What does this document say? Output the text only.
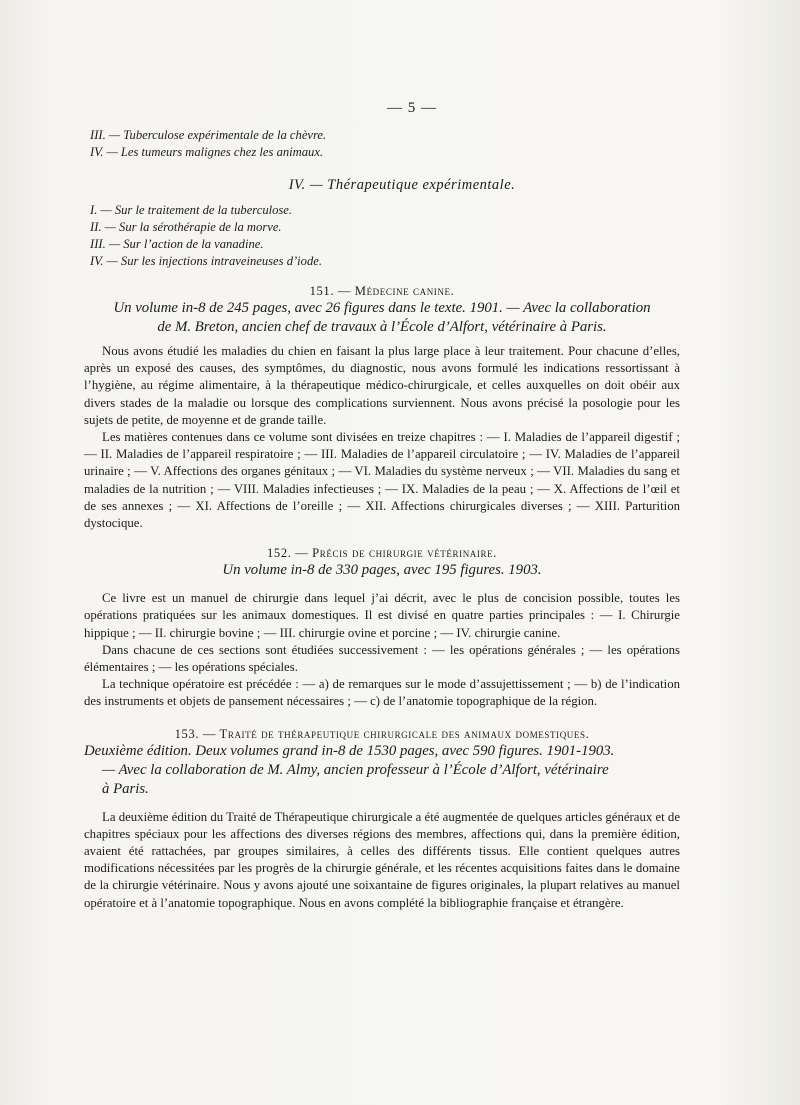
— 5 —
III. — Tuberculose expérimentale de la chèvre.
IV. — Les tumeurs malignes chez les animaux.
IV. — Thérapeutique expérimentale.
I. — Sur le traitement de la tuberculose.
II. — Sur la sérothérapie de la morve.
III. — Sur l’action de la vanadine.
IV. — Sur les injections intraveineuses d’iode.
151. — Médecine canine.
Un volume in-8 de 245 pages, avec 26 figures dans le texte. 1901. — Avec la collaboration
de M. Breton, ancien chef de travaux à l’École d’Alfort, vétérinaire à Paris.

Nous avons étudié les maladies du chien en faisant la plus large place à leur traitement. Pour chacune d’elles, après un exposé des causes, des symptômes, du diagnostic, nous avons formulé les indications ressortissant à l’hygiène, au régime alimentaire, à la thérapeutique médico-chirurgicale, et celles auxquelles on doit obéir aux divers stades de la maladie ou lorsque des complications surviennent. Nous avons précisé la posologie pour les sujets de petite, de moyenne et de grande taille.

Les matières contenues dans ce volume sont divisées en treize chapitres : — I. Maladies de l’appareil digestif ; — II. Maladies de l’appareil respiratoire ; — III. Maladies de l’appareil circulatoire ; — IV. Maladies de l’appareil urinaire ; — V. Affections des organes génitaux ; — VI. Maladies du système nerveux ; — VII. Maladies du sang et maladies de la nutrition ; — VIII. Maladies infectieuses ; — IX. Maladies de la peau ; — X. Affections de l’œil et de ses annexes ; — XI. Affections de l’oreille ; — XII. Affections chirurgicales diverses ; — XIII. Parturition dystocique.

152. — Précis de chirurgie vétérinaire.
Un volume in-8 de 330 pages, avec 195 figures. 1903.

Ce livre est un manuel de chirurgie dans lequel j’ai décrit, avec le plus de concision possible, toutes les opérations pratiquées sur les animaux domestiques. Il est divisé en quatre parties principales : — I. Chirurgie hippique ; — II. chirurgie bovine ; — III. chirurgie ovine et porcine ; — IV. chirurgie canine.

Dans chacune de ces sections sont étudiées successivement : — les opérations générales ; — les opérations élémentaires ; — les opérations spéciales.

La technique opératoire est précédée : — a) de remarques sur le mode d’assujettissement ; — b) de l’indication des instruments et objets de pansement nécessaires ; — c) de l’anatomie topographique de la région.

153. — Traité de thérapeutique chirurgicale des animaux domestiques.
Deuxième édition. Deux volumes grand in-8 de 1530 pages, avec 590 figures. 1901-1903.
— Avec la collaboration de M. Almy, ancien professeur à l’École d’Alfort, vétérinaire
à Paris.

La deuxième édition du Traité de Thérapeutique chirurgicale a été augmentée de quelques articles généraux et de chapitres spéciaux pour les affections des diverses régions des membres, affections qui, dans la première édition, avaient été rattachées, par groupes similaires, à celles des différents tissus. Elle contient quelques autres modifications nécessitées par les progrès de la chirurgie générale, et les récentes acquisitions faites dans le domaine de la chirurgie vétérinaire. Nous y avons ajouté une soixantaine de figures originales, la plupart relatives au manuel opératoire et à l’anatomie topographique. Nous en avons complété la bibliographie française et étrangère.
